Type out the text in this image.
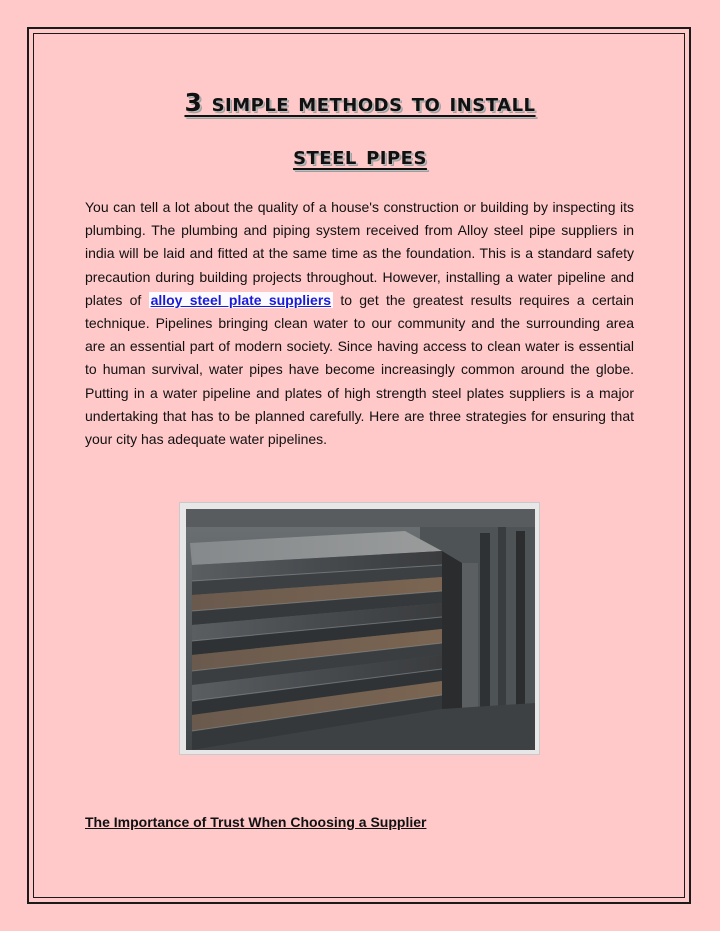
3 simple methods to install
steel pipes
You can tell a lot about the quality of a house's construction or building by inspecting its plumbing. The plumbing and piping system received from Alloy steel pipe suppliers in india will be laid and fitted at the same time as the foundation. This is a standard safety precaution during building projects throughout. However, installing a water pipeline and plates of alloy steel plate suppliers to get the greatest results requires a certain technique. Pipelines bringing clean water to our community and the surrounding area are an essential part of modern society. Since having access to clean water is essential to human survival, water pipes have become increasingly common around the globe. Putting in a water pipeline and plates of high strength steel plates suppliers is a major undertaking that has to be planned carefully. Here are three strategies for ensuring that your city has adequate water pipelines.
The Importance of Trust When Choosing a Supplier
